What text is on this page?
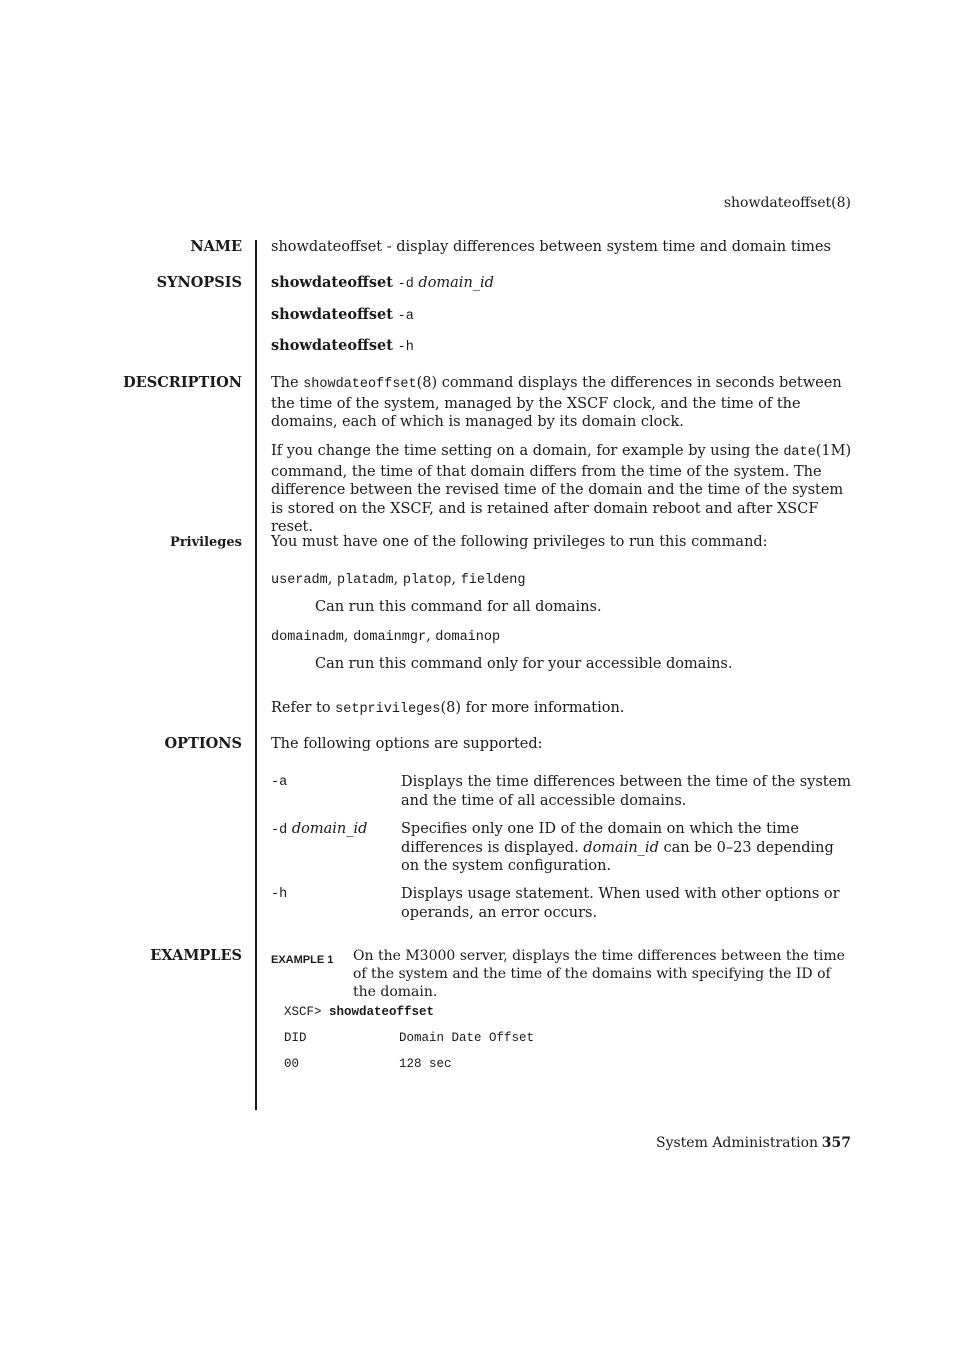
showdateoffset(8)
NAME showdateoffset - display differences between system time and domain times
SYNOPSIS showdateoffset -d domain_id
showdateoffset -a
showdateoffset -h
DESCRIPTION The showdateoffset(8) command displays the differences in seconds between the time of the system, managed by the XSCF clock, and the time of the domains, each of which is managed by its domain clock.
If you change the time setting on a domain, for example by using the date(1M) command, the time of that domain differs from the time of the system. The difference between the revised time of the domain and the time of the system is stored on the XSCF, and is retained after domain reboot and after XSCF reset.
Privileges You must have one of the following privileges to run this command:
useradm, platadm, platop, fieldeng
Can run this command for all domains.
domainadm, domainmgr, domainop
Can run this command only for your accessible domains.
Refer to setprivileges(8) for more information.
OPTIONS The following options are supported:
-a	Displays the time differences between the time of the system and the time of all accessible domains.
-d domain_id Specifies only one ID of the domain on which the time differences is displayed. domain_id can be 0–23 depending on the system configuration.
-h	Displays usage statement. When used with other options or operands, an error occurs.
EXAMPLES	EXAMPLE 1 On the M3000 server, displays the time differences between the time of the system and the time of the domains with specifying the ID of the domain.
XSCF> showdateoffset
DID	Domain Date Offset
00	128 sec
System Administration 357
